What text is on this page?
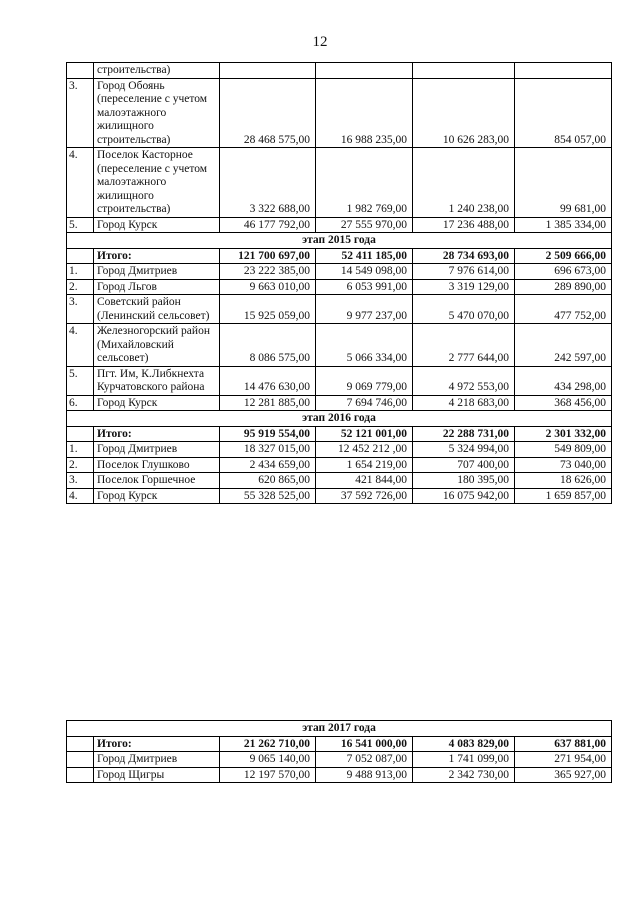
12
	строительства)				
3.	Город Обоянь (переселение с учетом малоэтажного жилищного строительства)	28 468 575,00	16 988 235,00	10 626 283,00	854 057,00
4.	Поселок Касторное (переселение с учетом малоэтажного жилищного строительства)	3 322 688,00	1 982 769,00	1 240 238,00	99 681,00
5.	Город Курск	46 177 792,00	27 555 970,00	17 236 488,00	1 385 334,00
этап 2015 года					
	Итого:	121 700 697,00	52 411 185,00	28 734 693,00	2 509 666,00
1.	Город Дмитриев	23 222 385,00	14 549 098,00	7 976 614,00	696 673,00
2.	Город Льгов	9 663 010,00	6 053 991,00	3 319 129,00	289 890,00
3.	Советский район (Ленинский сельсовет)	15 925 059,00	9 977 237,00	5 470 070,00	477 752,00
4.	Железногорский район (Михайловский сельсовет)	8 086 575,00	5 066 334,00	2 777 644,00	242 597,00
5.	Пгт. Им, К.Либкнехта Курчатовского района	14 476 630,00	9 069 779,00	4 972 553,00	434 298,00
6.	Город Курск	12 281 885,00	7 694 746,00	4 218 683,00	368 456,00
этап 2016 года					
	Итого:	95 919 554,00	52 121 001,00	22 288 731,00	2 301 332,00
1.	Город Дмитриев	18 327 015,00	12 452 212 ,00	5 324 994,00	549 809,00
2.	Поселок Глушково	2 434 659,00	1 654 219,00	707 400,00	73 040,00
3.	Поселок Горшечное	620 865,00	421 844,00	180 395,00	18 626,00
4.	Город Курск	55 328 525,00	37 592 726,00	16 075 942,00	1 659 857,00
этап 2017 года					
	Итого:	21 262 710,00	16 541 000,00	4 083 829,00	637 881,00
	Город Дмитриев	9 065 140,00	7 052 087,00	1 741 099,00	271 954,00
	Город Щигры	12 197 570,00	9 488 913,00	2 342 730,00	365 927,00
